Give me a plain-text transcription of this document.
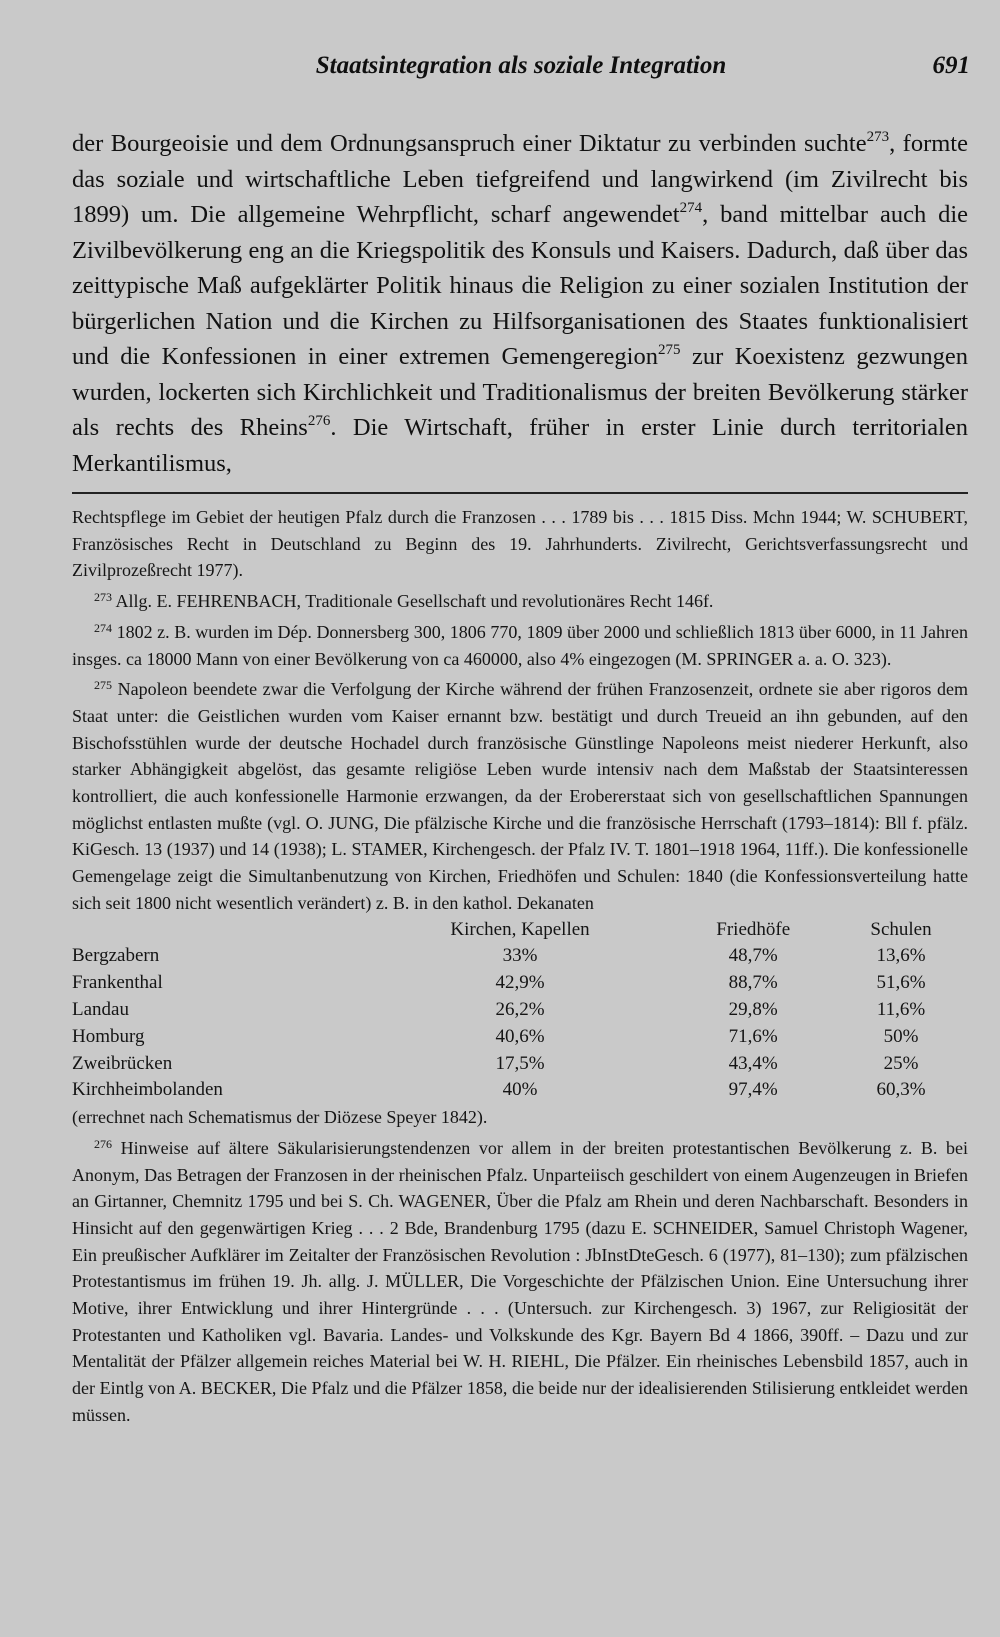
Staatsintegration als soziale Integration	691

der Bourgeoisie und dem Ordnungsanspruch einer Diktatur zu verbinden suchte$^{273}$, formte das soziale und wirtschaftliche Leben tiefgreifend und langwirkend (im Zivilrecht bis 1899) um. Die allgemeine Wehrpflicht, scharf angewendet$^{274}$, band mittelbar auch die Zivilbevölkerung eng an die Kriegspolitik des Konsuls und Kaisers. Dadurch, daß über das zeittypische Maß aufgeklärter Politik hinaus die Religion zu einer sozialen Institution der bürgerlichen Nation und die Kirchen zu Hilfsorganisationen des Staates funktionalisiert und die Konfessionen in einer extremen Gemengeregion$^{275}$ zur Koexistenz gezwungen wurden, lockerten sich Kirchlichkeit und Traditionalismus der breiten Bevölkerung stärker als rechts des Rheins$^{276}$. Die Wirtschaft, früher in erster Linie durch territorialen Merkantilismus,

Rechtspflege im Gebiet der heutigen Pfalz durch die Franzosen . . . 1789 bis . . . 1815 Diss. Mchn 1944; W. SCHUBERT, Französisches Recht in Deutschland zu Beginn des 19. Jahrhunderts. Zivilrecht, Gerichtsverfassungsrecht und Zivilprozeßrecht 1977).

$^{273}$ Allg. E. FEHRENBACH, Traditionale Gesellschaft und revolutionäres Recht 146f.

$^{274}$ 1802 z. B. wurden im Dép. Donnersberg 300, 1806 770, 1809 über 2000 und schließlich 1813 über 6000, in 11 Jahren insges. ca 18000 Mann von einer Bevölkerung von ca 460000, also 4% eingezogen (M. SPRINGER a. a. O. 323).

$^{275}$ Napoleon beendete zwar die Verfolgung der Kirche während der frühen Franzosenzeit, ordnete sie aber rigoros dem Staat unter: die Geistlichen wurden vom Kaiser ernannt bzw. bestätigt und durch Treueid an ihn gebunden, auf den Bischofsstühlen wurde der deutsche Hochadel durch französische Günstlinge Napoleons meist niederer Herkunft, also starker Abhängigkeit abgelöst, das gesamte religiöse Leben wurde intensiv nach dem Maßstab der Staatsinteressen kontrolliert, die auch konfessionelle Harmonie erzwangen, da der Erobererstaat sich von gesellschaftlichen Spannungen möglichst entlasten mußte (vgl. O. JUNG, Die pfälzische Kirche und die französische Herrschaft (1793–1814): Bll f. pfälz. KiGesch. 13 (1937) und 14 (1938); L. STAMER, Kirchengesch. der Pfalz IV. T. 1801–1918 1964, 11ff.). Die konfessionelle Gemengelage zeigt die Simultanbenutzung von Kirchen, Friedhöfen und Schulen: 1840 (die Konfessionsverteilung hatte sich seit 1800 nicht wesentlich verändert) z. B. in den kathol. Dekanaten

	Kirchen, Kapellen	Friedhöfe	Schulen
Bergzabern	33%	48,7%	13,6%
Frankenthal	42,9%	88,7%	51,6%
Landau	26,2%	29,8%	11,6%
Homburg	40,6%	71,6%	50%
Zweibrücken	17,5%	43,4%	25%
Kirchheimbolanden	40%	97,4%	60,3%

(errechnet nach Schematismus der Diözese Speyer 1842).

$^{276}$ Hinweise auf ältere Säkularisierungstendenzen vor allem in der breiten protestantischen Bevölkerung z. B. bei Anonym, Das Betragen der Franzosen in der rheinischen Pfalz. Unparteiisch geschildert von einem Augenzeugen in Briefen an Girtanner, Chemnitz 1795 und bei S. Ch. WAGENER, Über die Pfalz am Rhein und deren Nachbarschaft. Besonders in Hinsicht auf den gegenwärtigen Krieg . . . 2 Bde, Brandenburg 1795 (dazu E. SCHNEIDER, Samuel Christoph Wagener, Ein preußischer Aufklärer im Zeitalter der Französischen Revolution : JbInstDteGesch. 6 (1977), 81–130); zum pfälzischen Protestantismus im frühen 19. Jh. allg. J. MÜLLER, Die Vorgeschichte der Pfälzischen Union. Eine Untersuchung ihrer Motive, ihrer Entwicklung und ihrer Hintergründe . . . (Untersuch. zur Kirchengesch. 3) 1967, zur Religiosität der Protestanten und Katholiken vgl. Bavaria. Landes- und Volkskunde des Kgr. Bayern Bd 4 1866, 390ff. – Dazu und zur Mentalität der Pfälzer allgemein reiches Material bei W. H. RIEHL, Die Pfälzer. Ein rheinisches Lebensbild 1857, auch in der Eintlg von A. BECKER, Die Pfalz und die Pfälzer 1858, die beide nur der idealisierenden Stilisierung entkleidet werden müssen.
